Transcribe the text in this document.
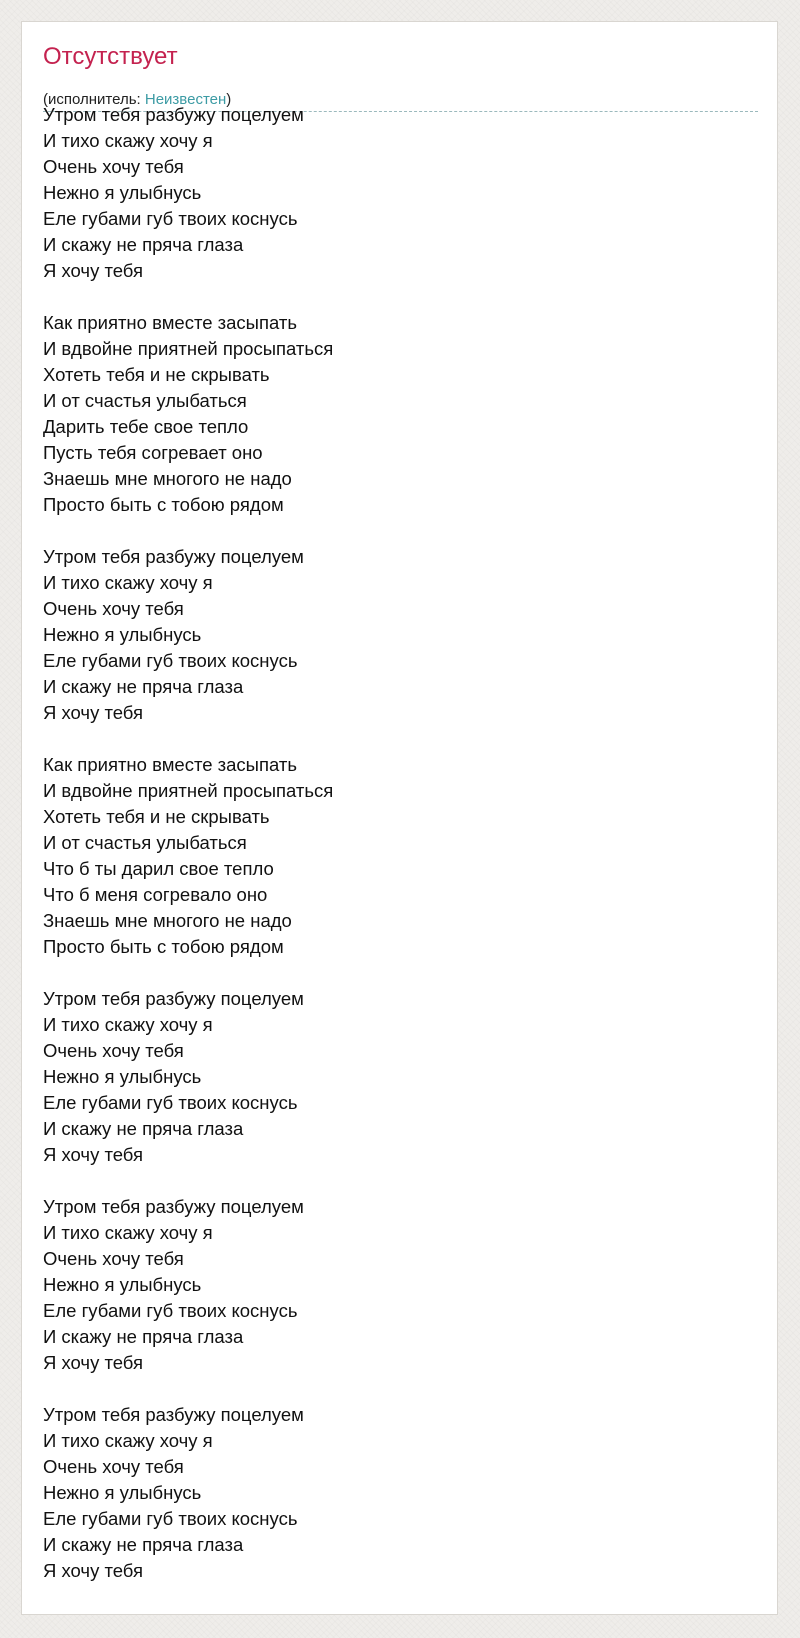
Отсутствует
(исполнитель: Неизвестен)
Утром тебя разбужу поцелуем
И тихо скажу хочу я
Очень хочу тебя
Нежно я улыбнусь
Еле губами губ твоих коснусь
И скажу не пряча глаза
Я хочу тебя
Как приятно вместе засыпать
И вдвойне приятней просыпаться
Хотеть тебя и не скрывать
И от счастья улыбаться
Дарить тебе свое тепло
Пусть тебя согревает оно
Знаешь мне многого не надо
Просто быть с тобою рядом
Утром тебя разбужу поцелуем
И тихо скажу хочу я
Очень хочу тебя
Нежно я улыбнусь
Еле губами губ твоих коснусь
И скажу не пряча глаза
Я хочу тебя
Как приятно вместе засыпать
И вдвойне приятней просыпаться
Хотеть тебя и не скрывать
И от счастья улыбаться
Что б ты дарил свое тепло
Что б меня согревало оно
Знаешь мне многого не надо
Просто быть с тобою рядом
Утром тебя разбужу поцелуем
И тихо скажу хочу я
Очень хочу тебя
Нежно я улыбнусь
Еле губами губ твоих коснусь
И скажу не пряча глаза
Я хочу тебя
Утром тебя разбужу поцелуем
И тихо скажу хочу я
Очень хочу тебя
Нежно я улыбнусь
Еле губами губ твоих коснусь
И скажу не пряча глаза
Я хочу тебя
Утром тебя разбужу поцелуем
И тихо скажу хочу я
Очень хочу тебя
Нежно я улыбнусь
Еле губами губ твоих коснусь
И скажу не пряча глаза
Я хочу тебя
